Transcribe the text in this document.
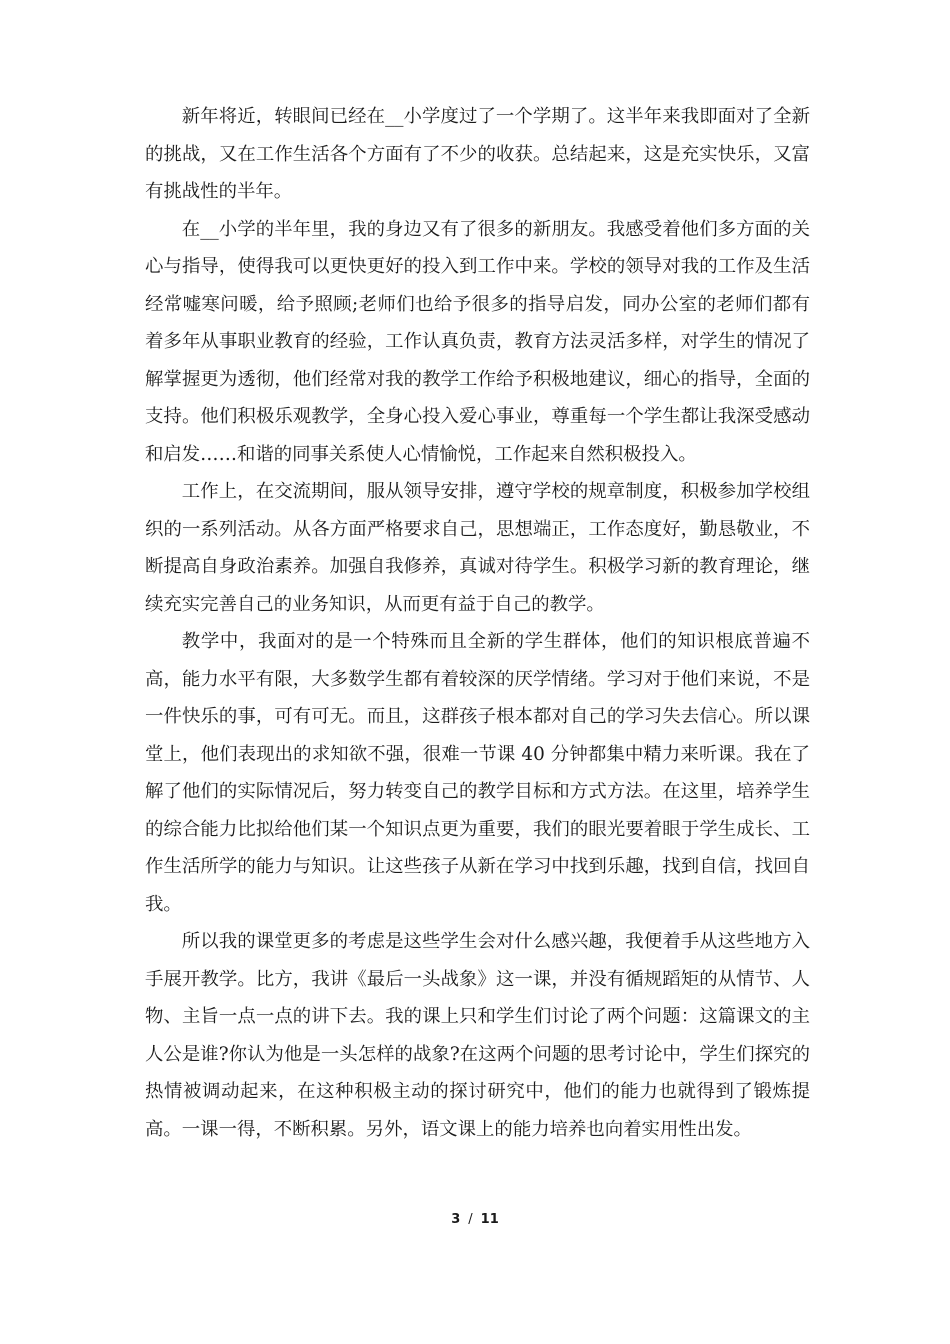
新年将近，转眼间已经在__小学度过了一个学期了。这半年来我即面对了全新的挑战，又在工作生活各个方面有了不少的收获。总结起来，这是充实快乐，又富有挑战性的半年。

在__小学的半年里，我的身边又有了很多的新朋友。我感受着他们多方面的关心与指导，使得我可以更快更好的投入到工作中来。学校的领导对我的工作及生活经常嘘寒问暖，给予照顾;老师们也给予很多的指导启发，同办公室的老师们都有着多年从事职业教育的经验，工作认真负责，教育方法灵活多样，对学生的情况了解掌握更为透彻，他们经常对我的教学工作给予积极地建议，细心的指导，全面的支持。他们积极乐观教学，全身心投入爱心事业，尊重每一个学生都让我深受感动和启发……和谐的同事关系使人心情愉悦，工作起来自然积极投入。

工作上，在交流期间，服从领导安排，遵守学校的规章制度，积极参加学校组织的一系列活动。从各方面严格要求自己，思想端正，工作态度好，勤恳敬业，不断提高自身政治素养。加强自我修养，真诚对待学生。积极学习新的教育理论，继续充实完善自己的业务知识，从而更有益于自己的教学。

教学中，我面对的是一个特殊而且全新的学生群体，他们的知识根底普遍不高，能力水平有限，大多数学生都有着较深的厌学情绪。学习对于他们来说，不是一件快乐的事，可有可无。而且，这群孩子根本都对自己的学习失去信心。所以课堂上，他们表现出的求知欲不强，很难一节课 40 分钟都集中精力来听课。我在了解了他们的实际情况后，努力转变自己的教学目标和方式方法。在这里，培养学生的综合能力比拟给他们某一个知识点更为重要，我们的眼光要着眼于学生成长、工作生活所学的能力与知识。让这些孩子从新在学习中找到乐趣，找到自信，找回自我。

所以我的课堂更多的考虑是这些学生会对什么感兴趣，我便着手从这些地方入手展开教学。比方，我讲《最后一头战象》这一课，并没有循规蹈矩的从情节、人物、主旨一点一点的讲下去。我的课上只和学生们讨论了两个问题：这篇课文的主人公是谁?你认为他是一头怎样的战象?在这两个问题的思考讨论中，学生们探究的热情被调动起来，在这种积极主动的探讨研究中，他们的能力也就得到了锻炼提高。一课一得，不断积累。另外，语文课上的能力培养也向着实用性出发。

3 / 11
